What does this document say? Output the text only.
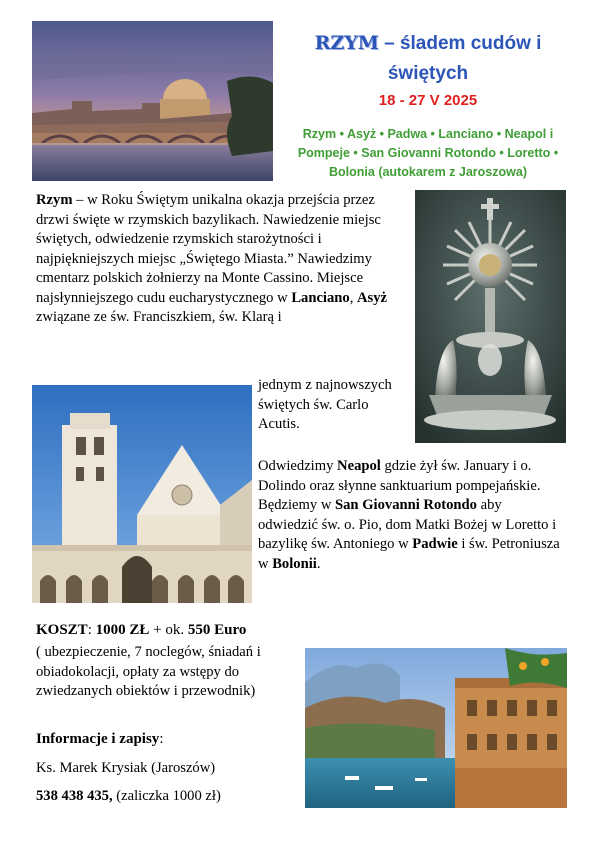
RZYM – śladem cudów i świętych
18 - 27 V 2025
Rzym • Asyż • Padwa • Lanciano • Neapol i Pompeje • San Giovanni Rotondo • Loretto • Bolonia (autokarem z Jaroszowa)
Rzym – w Roku Świętym unikalna okazja przejścia przez drzwi święte w rzymskich bazylikach. Nawiedzenie miejsc świętych, odwiedzenie rzymskich starożytności i najpiękniejszych miejsc „Świętego Miasta.” Nawiedzimy cmentarz polskich żołnierzy na Monte Cassino. Miejsce najsłynniejszego cudu eucharystycznego w Lanciano, Asyż związane ze św. Franciszkiem, św. Klarą i
jednym z najnowszych świętych św. Carlo Acutis.
Odwiedzimy Neapol gdzie żył św. January i o. Dolindo oraz słynne sanktuarium pompejańskie. Będziemy w San Giovanni Rotondo aby odwiedzić św. o. Pio, dom Matki Bożej w Loretto i bazylikę św. Antoniego w Padwie i św. Petroniusza w Bolonii.
KOSZT: 1000 ZŁ + ok. 550 Euro
( ubezpieczenie, 7 noclegów, śniadań i obiadokolacji, opłaty za wstępy do zwiedzanych obiektów i przewodnik)
Informacje i zapisy:
Ks. Marek Krysiak (Jaroszów)
538 438 435, (zaliczka 1000 zł)
